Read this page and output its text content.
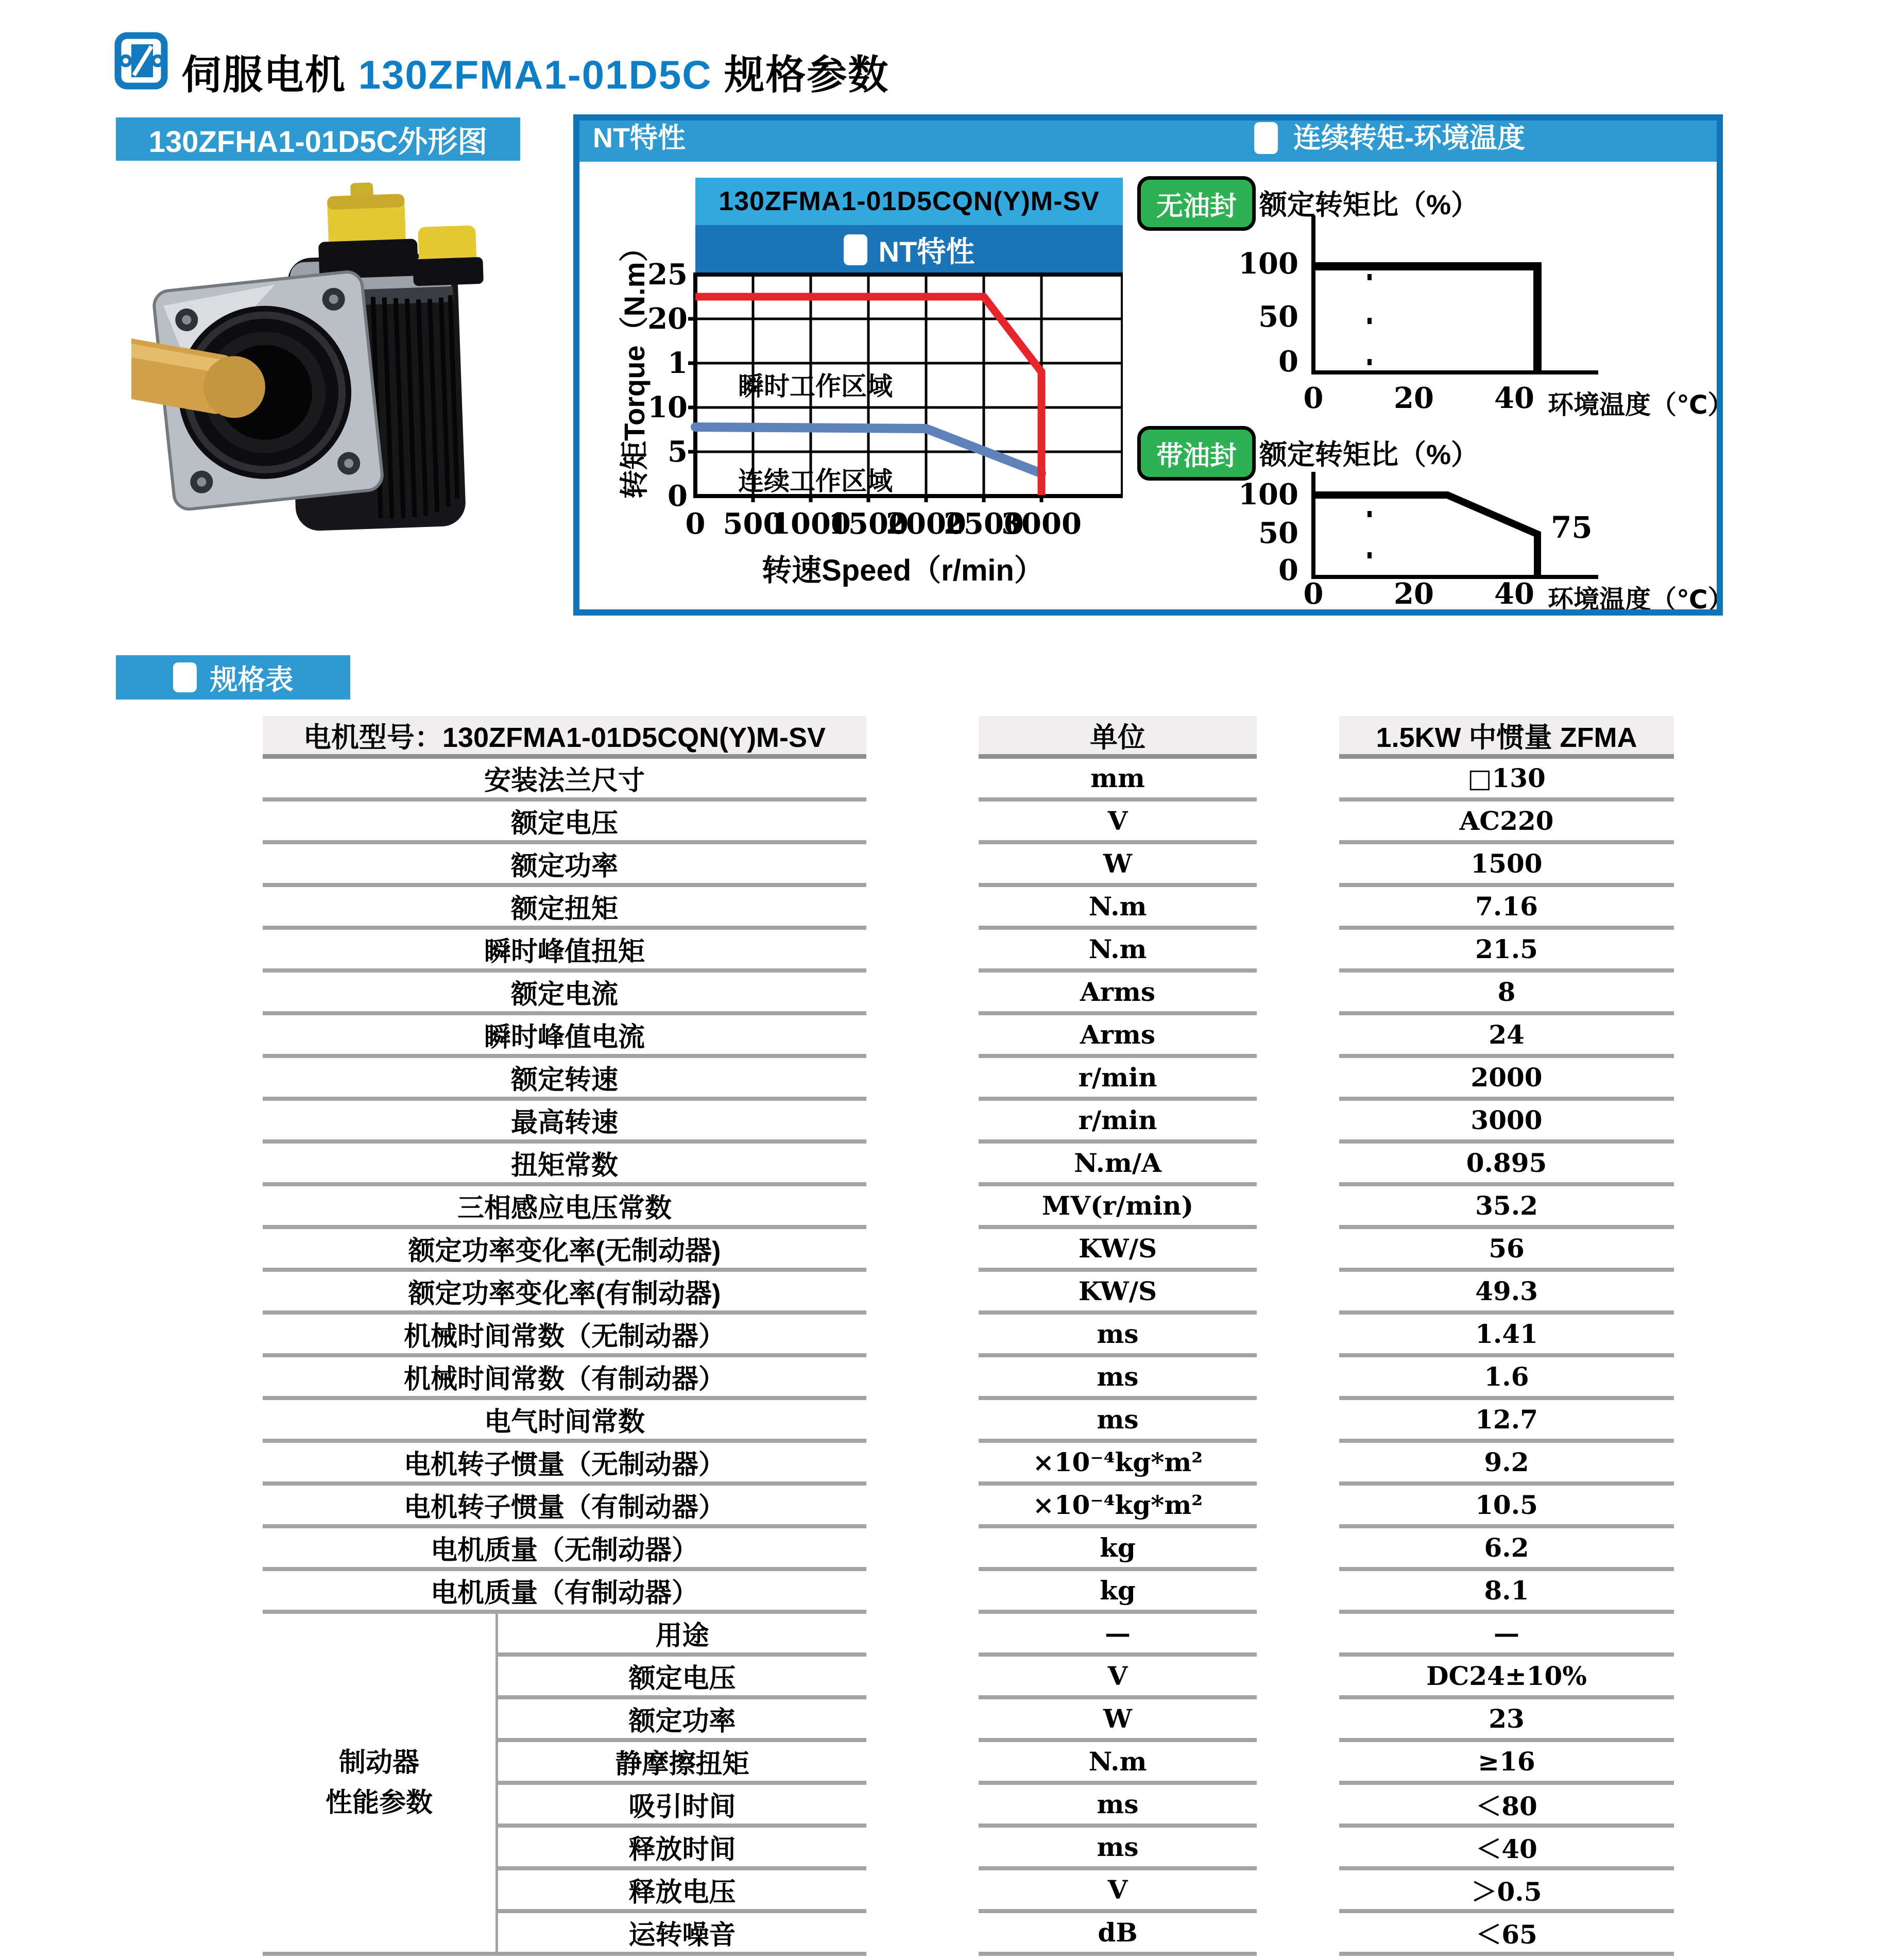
伺服电机 130ZFMA1-01D5C 规格参数
130ZFHA1-01D5C外形图	NT特性	连续转矩-环境温度
130ZFMA1-01D5CQN(Y)M-SV
NT特性
瞬时工作区域
连续工作区域
25
20
1
10
5
0
转矩Torque（N.m）
0 500
1000
1500
2000
2500
3000
转速Speed（r/min）
无油封 额定转矩比（%）
100
50
0
0 20 40 环境温度（℃）
带油封 额定转矩比（%）
100
50
0
75
0 20 40 环境温度（℃）
规格表
电机型号：130ZFMA1-01D5CQN(Y)M-SV	单位	1.5KW 中惯量 ZFMA
安装法兰尺寸	mm	□130
额定电压	V	AC220
额定功率	W	1500
额定扭矩	N.m	7.16
瞬时峰值扭矩	N.m	21.5
额定电流	Arms	8
瞬时峰值电流	Arms	24
额定转速	r/min	2000
最高转速	r/min	3000
扭矩常数	N.m/A	0.895
三相感应电压常数	MV(r/min)	35.2
额定功率变化率(无制动器)	KW/S	56
额定功率变化率(有制动器)	KW/S	49.3
机械时间常数（无制动器）	ms	1.41
机械时间常数（有制动器）	ms	1.6
电气时间常数	ms	12.7
电机转子惯量（无制动器）	×10⁻⁴kg*m²	9.2
电机转子惯量（有制动器）	×10⁻⁴kg*m²	10.5
电机质量（无制动器）	kg	6.2
电机质量（有制动器）	kg	8.1
用途	—	—
额定电压	V	DC24±10%
额定功率	W	23
静摩擦扭矩	N.m	≥16
吸引时间	ms	＜80
释放时间	ms	＜40
释放电压	V	＞0.5
运转噪音	dB	＜65
制动器
性能参数
